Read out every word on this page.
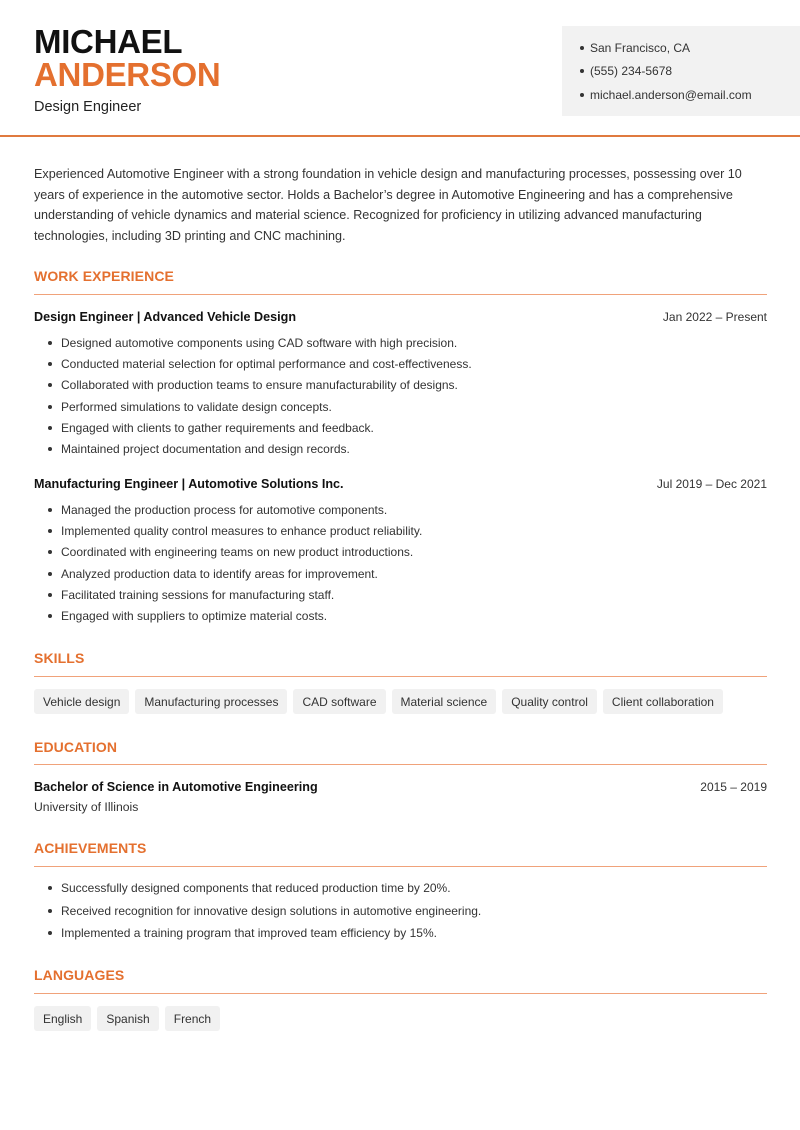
MICHAEL
ANDERSON
Design Engineer
San Francisco, CA
(555) 234-5678
michael.anderson@email.com

Experienced Automotive Engineer with a strong foundation in vehicle design and manufacturing processes, possessing over 10 years of experience in the automotive sector. Holds a Bachelor’s degree in Automotive Engineering and has a comprehensive understanding of vehicle dynamics and material science. Recognized for proficiency in utilizing advanced manufacturing technologies, including 3D printing and CNC machining.

WORK EXPERIENCE
Design Engineer | Advanced Vehicle Design	Jan 2022 – Present
Designed automotive components using CAD software with high precision.
Conducted material selection for optimal performance and cost-effectiveness.
Collaborated with production teams to ensure manufacturability of designs.
Performed simulations to validate design concepts.
Engaged with clients to gather requirements and feedback.
Maintained project documentation and design records.
Manufacturing Engineer | Automotive Solutions Inc.	Jul 2019 – Dec 2021
Managed the production process for automotive components.
Implemented quality control measures to enhance product reliability.
Coordinated with engineering teams on new product introductions.
Analyzed production data to identify areas for improvement.
Facilitated training sessions for manufacturing staff.
Engaged with suppliers to optimize material costs.
SKILLS
Vehicle design	Manufacturing processes	CAD software	Material science	Quality control	Client collaboration
EDUCATION
Bachelor of Science in Automotive Engineering	2015 – 2019
University of Illinois
ACHIEVEMENTS
Successfully designed components that reduced production time by 20%.
Received recognition for innovative design solutions in automotive engineering.
Implemented a training program that improved team efficiency by 15%.
LANGUAGES
English	Spanish	French
